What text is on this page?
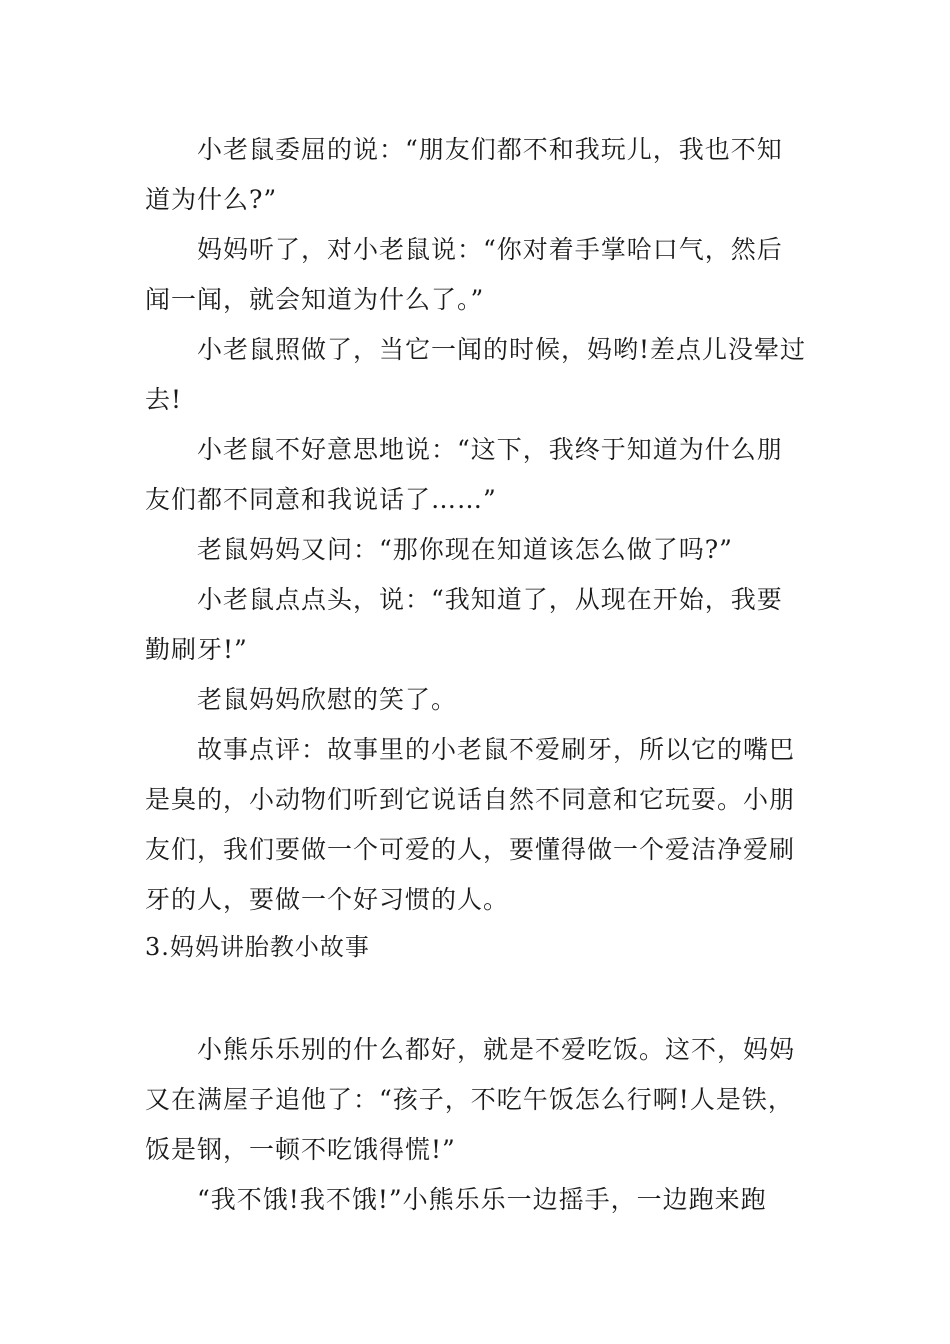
小老鼠委屈的说：“朋友们都不和我玩儿，我也不知
道为什么?”
妈妈听了，对小老鼠说：“你对着手掌哈口气，然后
闻一闻，就会知道为什么了。”
小老鼠照做了，当它一闻的时候，妈哟!差点儿没晕过
去!
小老鼠不好意思地说：“这下，我终于知道为什么朋
友们都不同意和我说话了……”
老鼠妈妈又问：“那你现在知道该怎么做了吗?”
小老鼠点点头，说：“我知道了，从现在开始，我要
勤刷牙!”
老鼠妈妈欣慰的笑了。
故事点评：故事里的小老鼠不爱刷牙，所以它的嘴巴
是臭的，小动物们听到它说话自然不同意和它玩耍。小朋
友们，我们要做一个可爱的人，要懂得做一个爱洁净爱刷
牙的人，要做一个好习惯的人。
3.妈妈讲胎教小故事
小熊乐乐别的什么都好，就是不爱吃饭。这不，妈妈
又在满屋子追他了：“孩子，不吃午饭怎么行啊!人是铁，
饭是钢，一顿不吃饿得慌!”
“我不饿!我不饿!”小熊乐乐一边摇手，一边跑来跑
